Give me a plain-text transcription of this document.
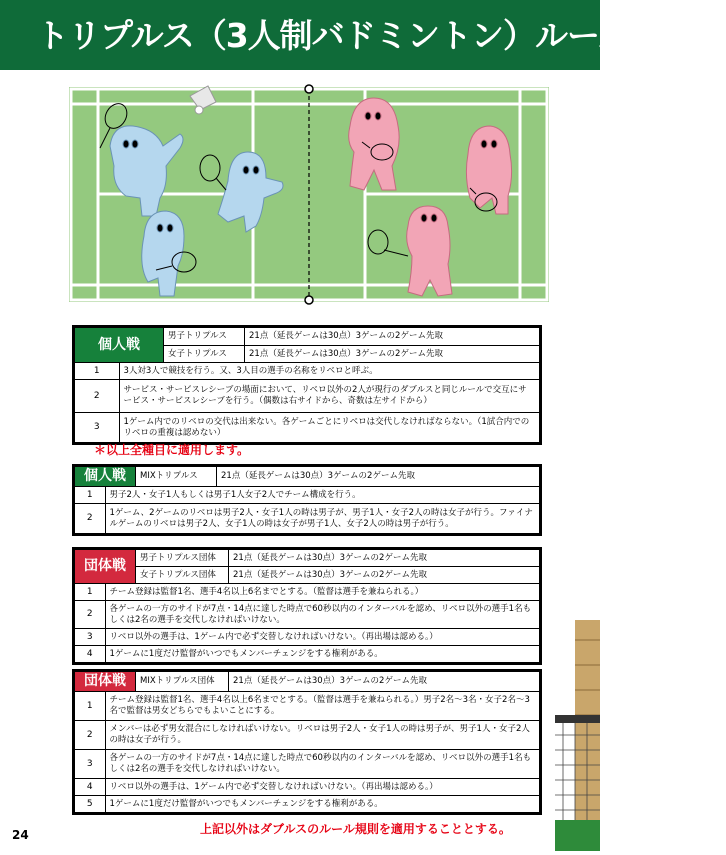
トリプルス（3人制バドミントン）ルール（案）
個人戦		男子トリプルス	21点（延長ゲームは30点）3ゲームの2ゲーム先取
		女子トリプルス	21点（延長ゲームは30点）3ゲームの2ゲーム先取
1	3人対3人で競技を行う。又、3人目の選手の名称をリベロと呼ぶ。		
2	サービス・サービスレシーブの場面において、リベロ以外の2人が現行のダブルスと同じルールで交互にサービス・サービスレシーブを行う。（偶数は右サイドから、奇数は左サイドから）		
3	1ゲーム内でのリベロの交代は出来ない。各ゲームごとにリベロは交代しなければならない。（1試合内でのリベロの重複は認めない）		
＊以上全種目に適用します。
個人戦		MIXトリプルス	21点（延長ゲームは30点）3ゲームの2ゲーム先取
1	男子2人・女子1人もしくは男子1人女子2人でチーム構成を行う。		
2	1ゲーム、2ゲームのリベロは男子2人・女子1人の時は男子が、男子1人・女子2人の時は女子が行う。ファイナルゲームのリベロは男子2人、女子1人の時は女子が男子1人、女子2人の時は男子が行う。		
団体戦		男子トリプルス団体	21点（延長ゲームは30点）3ゲームの2ゲーム先取
		女子トリプルス団体	21点（延長ゲームは30点）3ゲームの2ゲーム先取
1	チーム登録は監督1名、選手4名以上6名までとする。（監督は選手を兼ねられる。）		
2	各ゲームの一方のサイドが7点・14点に達した時点で60秒以内のインターバルを認め、リベロ以外の選手1名もしくは2名の選手を交代しなければいけない。		
3	リベロ以外の選手は、1ゲーム内で必ず交替しなければいけない。（再出場は認める。）		
4	1ゲームに1度だけ監督がいつでもメンバーチェンジをする権利がある。		
団体戦		MIXトリプルス団体	21点（延長ゲームは30点）3ゲームの2ゲーム先取
1	チーム登録は監督1名、選手4名以上6名までとする。（監督は選手を兼ねられる。）男子2名～3名・女子2名～3名で監督は男女どちらでもよいことにする。		
2	メンバーは必ず男女混合にしなければいけない。リベロは男子2人・女子1人の時は男子が、男子1人・女子2人の時は女子が行う。		
3	各ゲームの一方のサイドが7点・14点に達した時点で60秒以内のインターバルを認め、リベロ以外の選手1名もしくは2名の選手を交代しなければいけない。		
4	リベロ以外の選手は、1ゲーム内で必ず交替しなければいけない。（再出場は認める。）		
5	1ゲームに1度だけ監督がいつでもメンバーチェンジをする権利がある。		
上記以外はダブルスのルール規則を適用することとする。
24
